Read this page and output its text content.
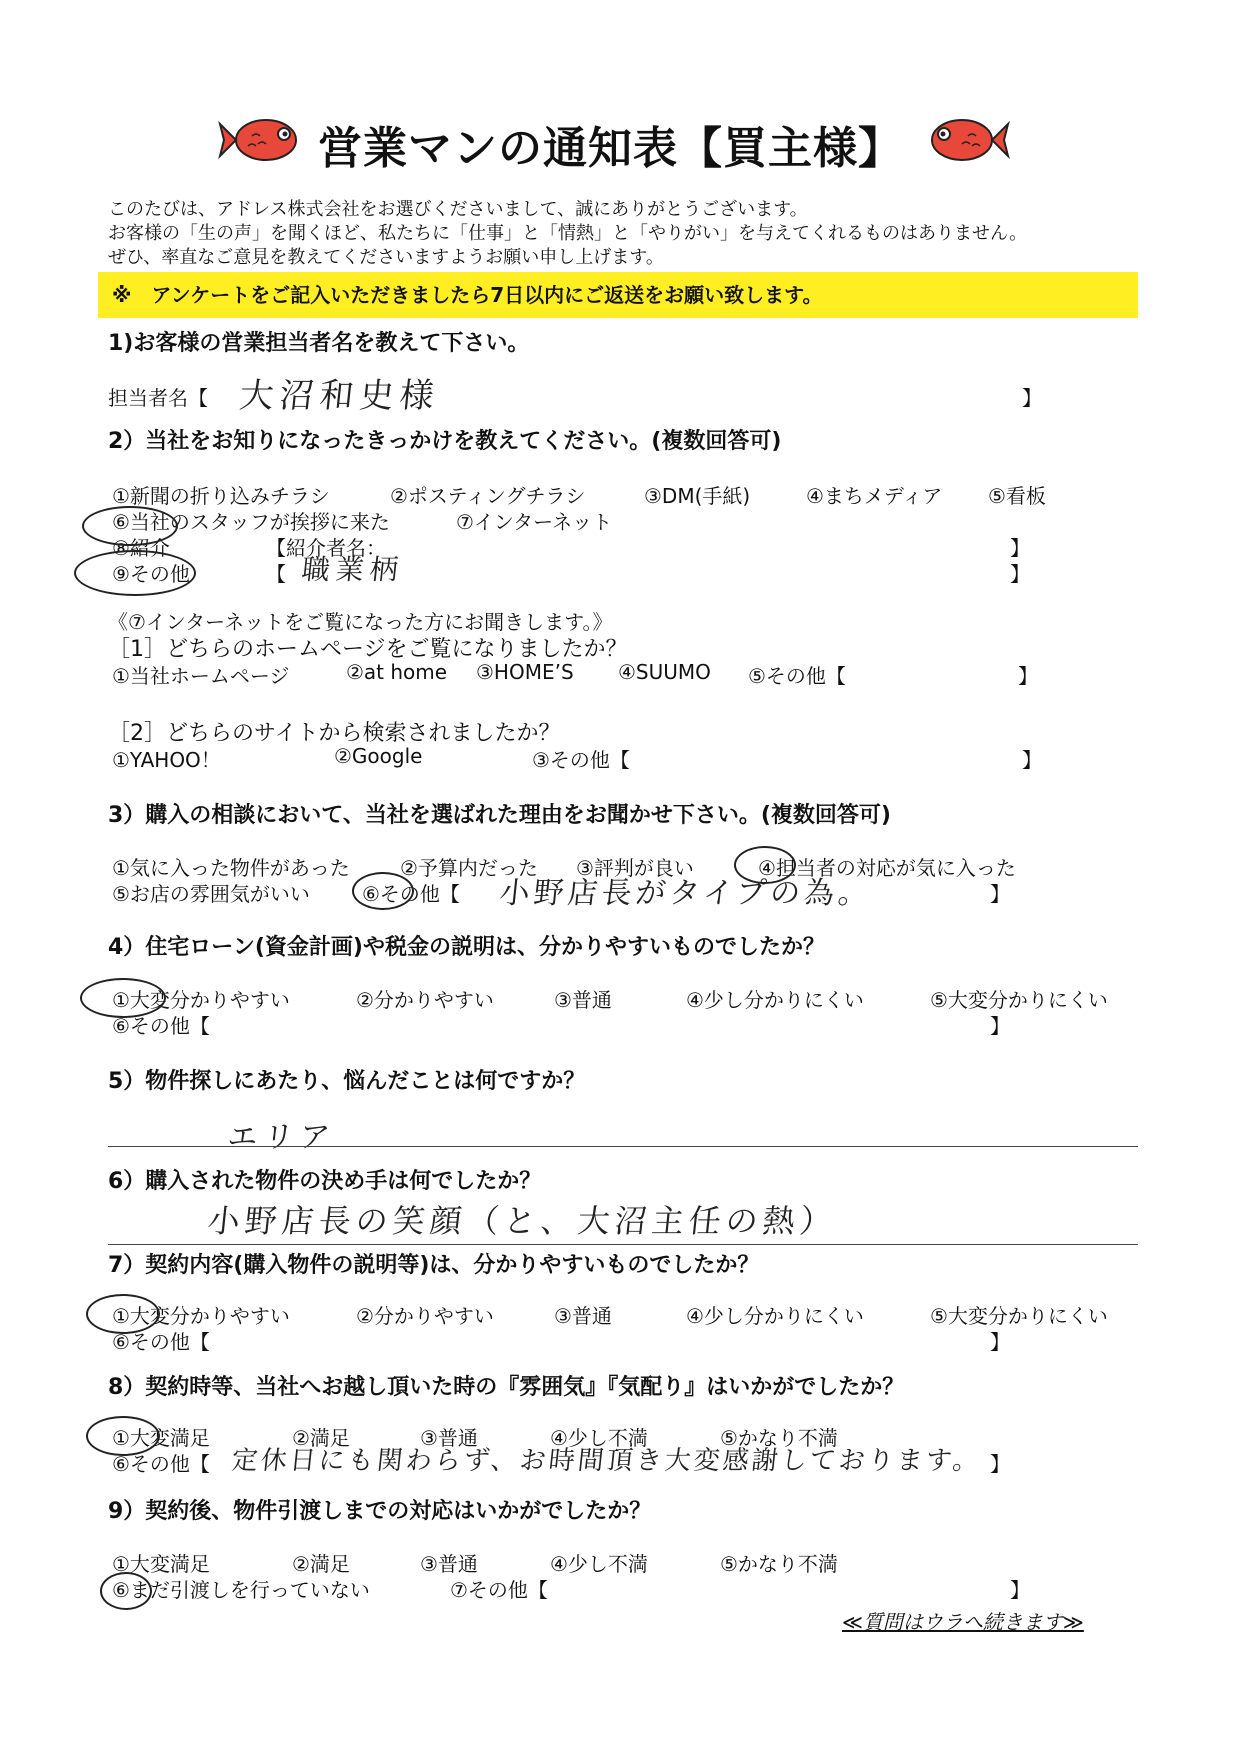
営業マンの通知表【買主様】
このたびは、アドレス株式会社をお選びくださいまして、誠にありがとうございます。
お客様の「生の声」を聞くほど、私たちに「仕事」と「情熱」と「やりがい」を与えてくれるものはありません。
ぜひ、率直なご意見を教えてくださいますようお願い申し上げます。
※　アンケートをご記入いただきましたら7日以内にご返送をお願い致します。
1)お客様の営業担当者名を教えて下さい。
担当者名【 大沼和史様	】
2）当社をお知りになったきっかけを教えてください。(複数回答可)
①新聞の折り込みチラシ	②ポスティングチラシ	③DM(手紙)	④まちメディア ⑤看板
⑥当社のスタッフが挨拶に来た	⑦インターネット
⑧紹介	【紹介者名：	】
⑨その他	【 職業柄	】
《⑦インターネットをご覧になった方にお聞きします。》
［1］どちらのホームページをご覧になりましたか？
①当社ホームページ	②at home ③HOME’S ④SUUMO ⑤その他【	】
［2］どちらのサイトから検索されましたか？
①YAHOO！	②Google	③その他【	】
3）購入の相談において、当社を選ばれた理由をお聞かせ下さい。(複数回答可)
①気に入った物件があった	②予算内だった ③評判が良い	④担当者の対応が気に入った
⑤お店の雰囲気がいい	⑥その他【 小野店長がタイプの為。	】
4）住宅ローン(資金計画)や税金の説明は、分かりやすいものでしたか？
①大変分かりやすい	②分かりやすい	③普通	④少し分かりにくい	⑤大変分かりにくい
⑥その他【	】
5）物件探しにあたり、悩んだことは何ですか？
エリア
6）購入された物件の決め手は何でしたか？
小野店長の笑顔（と、大沼主任の熱）
7）契約内容(購入物件の説明等)は、分かりやすいものでしたか？
①大変分かりやすい	②分かりやすい	③普通	④少し分かりにくい	⑤大変分かりにくい
⑥その他【	】
8）契約時等、当社へお越し頂いた時の『雰囲気』『気配り』はいかがでしたか？
①大変満足	②満足	③普通	④少し不満	⑤かなり不満
⑥その他【 定休日にも関わらず、お時間頂き大変感謝しております。 】
9）契約後、物件引渡しまでの対応はいかがでしたか？
①大変満足	②満足	③普通	④少し不満	⑤かなり不満
⑥まだ引渡しを行っていない	⑦その他【	】
≪質問はウラへ続きます≫
